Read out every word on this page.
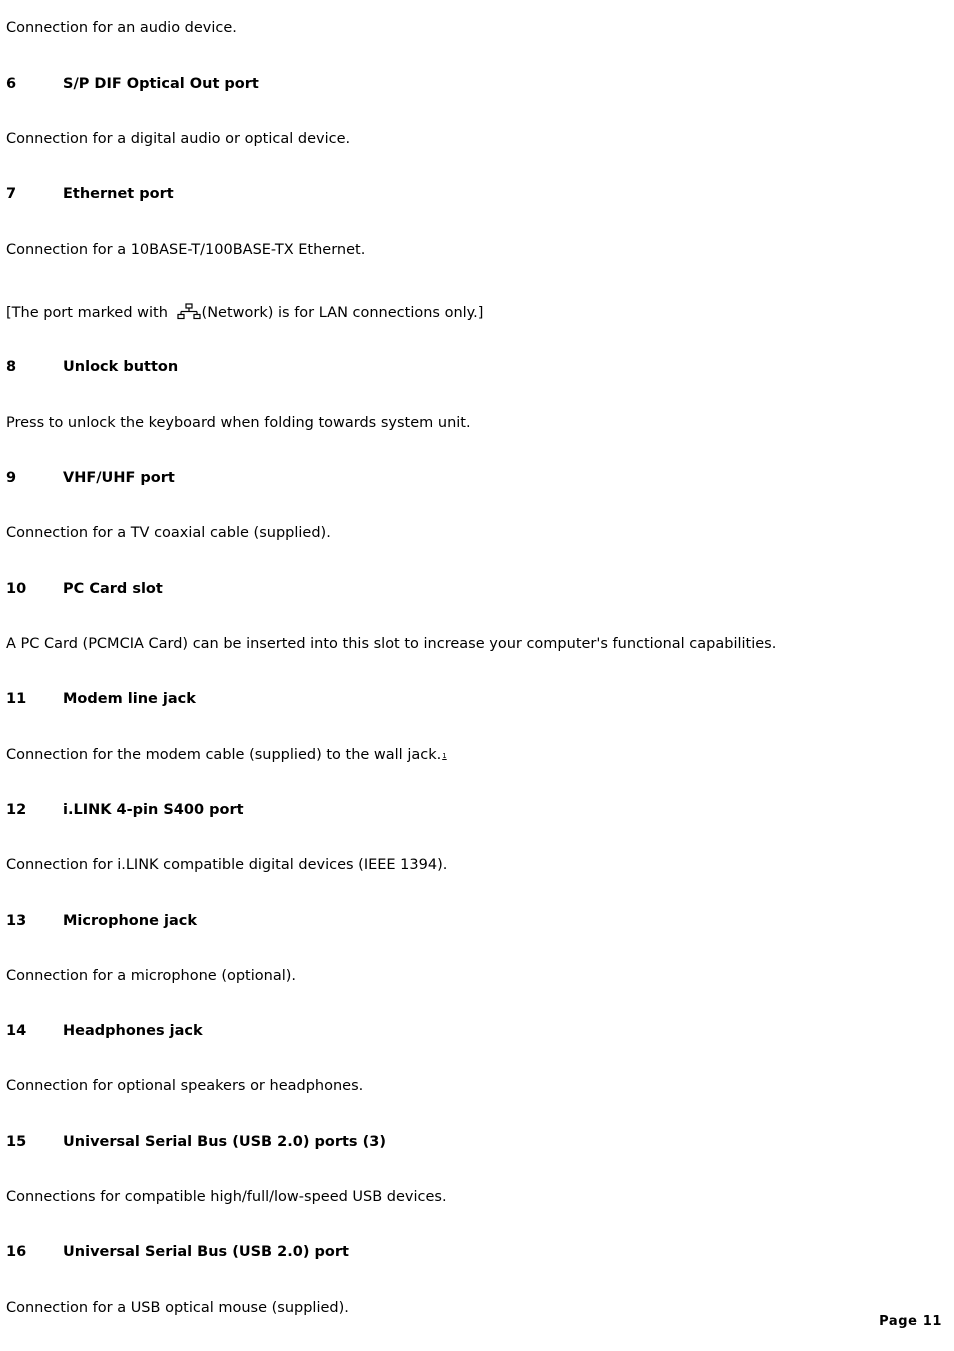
Connection for an audio device.
6	S/P DIF Optical Out port
Connection for a digital audio or optical device.
7	Ethernet port
Connection for a 10BASE-T/100BASE-TX Ethernet.
[The port marked with (Network) is for LAN connections only.]
8	Unlock button
Press to unlock the keyboard when folding towards system unit.
9	VHF/UHF port
Connection for a TV coaxial cable (supplied).
10	PC Card slot
A PC Card (PCMCIA Card) can be inserted into this slot to increase your computer's functional capabilities.
11	Modem line jack
Connection for the modem cable (supplied) to the wall jack.1
12	i.LINK 4-pin S400 port
Connection for i.LINK compatible digital devices (IEEE 1394).
13	Microphone jack
Connection for a microphone (optional).
14	Headphones jack
Connection for optional speakers or headphones.
15	Universal Serial Bus (USB 2.0) ports (3)
Connections for compatible high/full/low-speed USB devices.
16	Universal Serial Bus (USB 2.0) port
Connection for a USB optical mouse (supplied).
Page 11
